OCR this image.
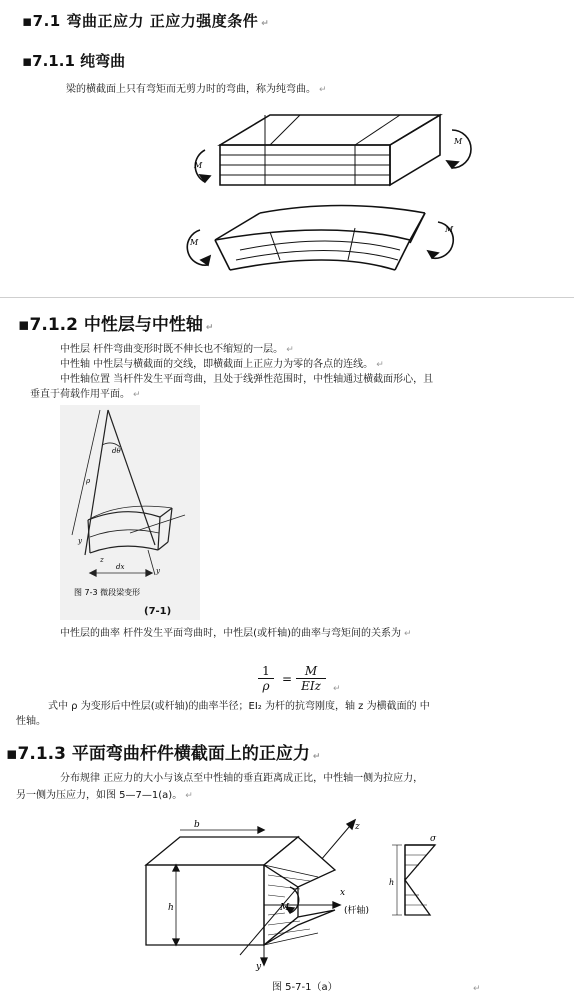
▪7.1 弯曲正应力 正应力强度条件 ↵
▪7.1.1 纯弯曲
梁的横截面上只有弯矩而无剪力时的弯曲，称为纯弯曲。 ↵
M
M
M
M
▪7.1.2 中性层与中性轴 ↵
中性层 杆件弯曲变形时既不伸长也不缩短的一层。 ↵
中性轴 中性层与横截面的交线，即横截面上正应力为零的各点的连线。 ↵
中性轴位置 当杆件发生平面弯曲，且处于线弹性范围时，中性轴通过横截面形心，且
垂直于荷载作用平面。 ↵
dθ
ρ
y
z
dx	y
图 7-3 微段梁变形
(7-1)
中性层的曲率 杆件发生平面弯曲时，中性层(或杆轴)的曲率与弯矩间的关系为 ↵
$\frac{1}{\rho}$ =
M
EIz	↵
式中 ρ 为变形后中性层(或杆轴)的曲率半径；EI₂ 为杆的抗弯刚度，轴 z 为横截面的 中
性轴。
▪7.1.3 平面弯曲杆件横截面上的正应力 ↵
分布规律 正应力的大小与该点至中性轴的垂直距离成正比，中性轴一侧为拉应力，
另一侧为压应力，如图 5—7—1(a)。 ↵
b
h	M
x
z
(杆轴)
y
σ
h
图 5-7-1（a）	↵
